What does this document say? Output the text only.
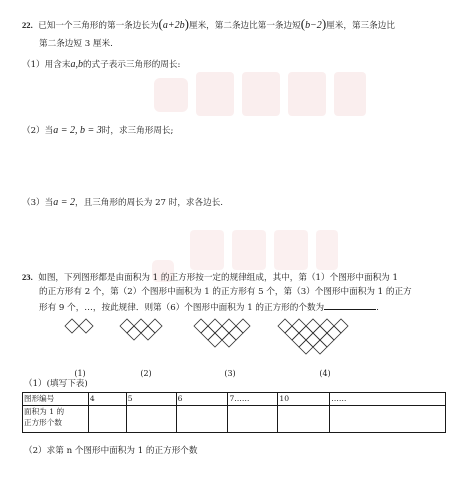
22. 已知一个三角形的第一条边长为(a+2b)厘米，第二条边比第一条边短(b−2)厘米，第三条边比
第二条边短 3 厘米.
（1）用含末a,b的式子表示三角形的周长:
（2）当a = 2, b = 3时，求三角形周长;
（3）当a = 2，且三角形的周长为 27 时，求各边长.
23. 如图，下列图形都是由面积为 1 的正方形按一定的规律组成，其中，第（1）个图形中面积为 1
的正方形有 2 个，第（2）个图形中面积为 1 的正方形有 5 个，第（3）个图形中面积为 1 的正方
形有 9 个，…，按此规律．则第（6）个图形中面积为 1 的正方形的个数为	.
(1)	(2)	(3)	(4)
（1）(填写下表)
图形编号	4	5	6	7……	10	……

面积为 1 的
正方形个数						

（2）求第 n 个图形中面积为 1 的正方形个数
